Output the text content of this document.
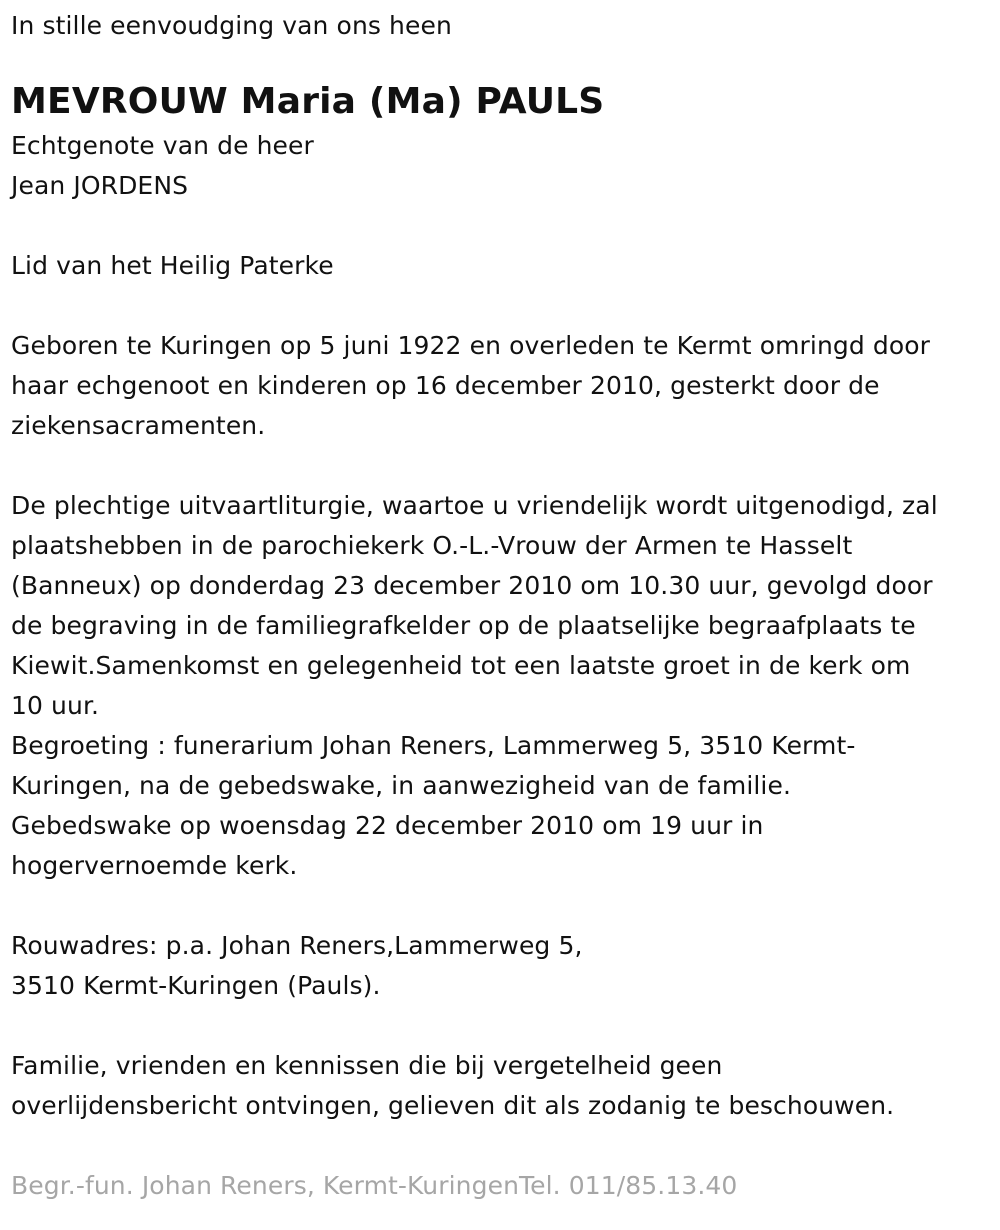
In stille eenvoudging van ons heen
MEVROUW Maria (Ma) PAULS
Echtgenote van de heer
Jean JORDENS
Lid van het Heilig Paterke
Geboren te Kuringen op 5 juni 1922 en overleden te Kermt omringd door
haar echgenoot en kinderen op 16 december 2010, gesterkt door de
ziekensacramenten.
De plechtige uitvaartliturgie, waartoe u vriendelijk wordt uitgenodigd, zal
plaatshebben in de parochiekerk O.-L.-Vrouw der Armen te Hasselt
(Banneux) op donderdag 23 december 2010 om 10.30 uur, gevolgd door
de begraving in de familiegrafkelder op de plaatselijke begraafplaats te
Kiewit.Samenkomst en gelegenheid tot een laatste groet in de kerk om
10 uur.
Begroeting : funerarium Johan Reners, Lammerweg 5, 3510 Kermt-
Kuringen, na de gebedswake, in aanwezigheid van de familie.
Gebedswake op woensdag 22 december 2010 om 19 uur in
hogervernoemde kerk.
Rouwadres: p.a. Johan Reners,Lammerweg 5,
3510 Kermt-Kuringen (Pauls).
Familie, vrienden en kennissen die bij vergetelheid geen
overlijdensbericht ontvingen, gelieven dit als zodanig te beschouwen.
Begr.-fun. Johan Reners, Kermt-KuringenTel. 011/85.13.40
